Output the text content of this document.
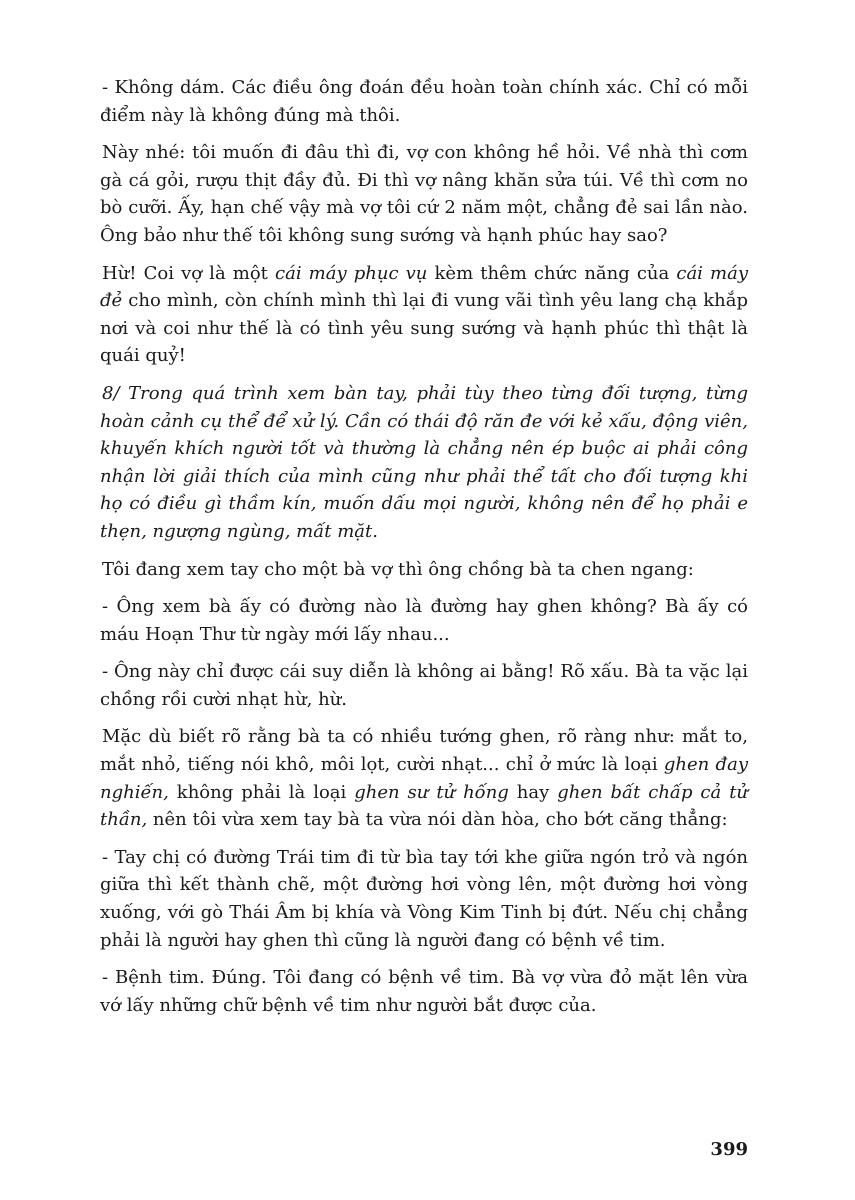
- Không dám. Các điều ông đoán đều hoàn toàn chính xác. Chỉ có mỗi điểm này là không đúng mà thôi.

Này nhé: tôi muốn đi đâu thì đi, vợ con không hề hỏi. Về nhà thì cơm gà cá gỏi, rượu thịt đầy đủ. Đi thì vợ nâng khăn sửa túi. Về thì cơm no bò cưỡi. Ấy, hạn chế vậy mà vợ tôi cứ 2 năm một, chẳng đẻ sai lần nào. Ông bảo như thế tôi không sung sướng và hạnh phúc hay sao?

Hừ! Coi vợ là một cái máy phục vụ kèm thêm chức năng của cái máy đẻ cho mình, còn chính mình thì lại đi vung vãi tình yêu lang chạ khắp nơi và coi như thế là có tình yêu sung sướng và hạnh phúc thì thật là quái quỷ!

8/ Trong quá trình xem bàn tay, phải tùy theo từng đối tượng, từng hoàn cảnh cụ thể để xử lý. Cần có thái độ răn đe với kẻ xấu, động viên, khuyến khích người tốt và thường là chẳng nên ép buộc ai phải công nhận lời giải thích của mình cũng như phải thể tất cho đối tượng khi họ có điều gì thầm kín, muốn dấu mọi người, không nên để họ phải e thẹn, ngượng ngùng, mất mặt.

Tôi đang xem tay cho một bà vợ thì ông chồng bà ta chen ngang:

- Ông xem bà ấy có đường nào là đường hay ghen không? Bà ấy có máu Hoạn Thư từ ngày mới lấy nhau...

- Ông này chỉ được cái suy diễn là không ai bằng! Rõ xấu. Bà ta vặc lại chồng rồi cười nhạt hừ, hừ.

Mặc dù biết rõ rằng bà ta có nhiều tướng ghen, rõ ràng như: mắt to, mắt nhỏ, tiếng nói khô, môi lọt, cười nhạt... chỉ ở mức là loại ghen đay nghiến, không phải là loại ghen sư tử hống hay ghen bất chấp cả tử thần, nên tôi vừa xem tay bà ta vừa nói dàn hòa, cho bớt căng thẳng:

- Tay chị có đường Trái tim đi từ bìa tay tới khe giữa ngón trỏ và ngón giữa thì kết thành chẽ, một đường hơi vòng lên, một đường hơi vòng xuống, với gò Thái Âm bị khía và Vòng Kim Tinh bị đứt. Nếu chị chẳng phải là người hay ghen thì cũng là người đang có bệnh về tim.

- Bệnh tim. Đúng. Tôi đang có bệnh về tim. Bà vợ vừa đỏ mặt lên vừa vớ lấy những chữ bệnh về tim như người bắt được của.

399
